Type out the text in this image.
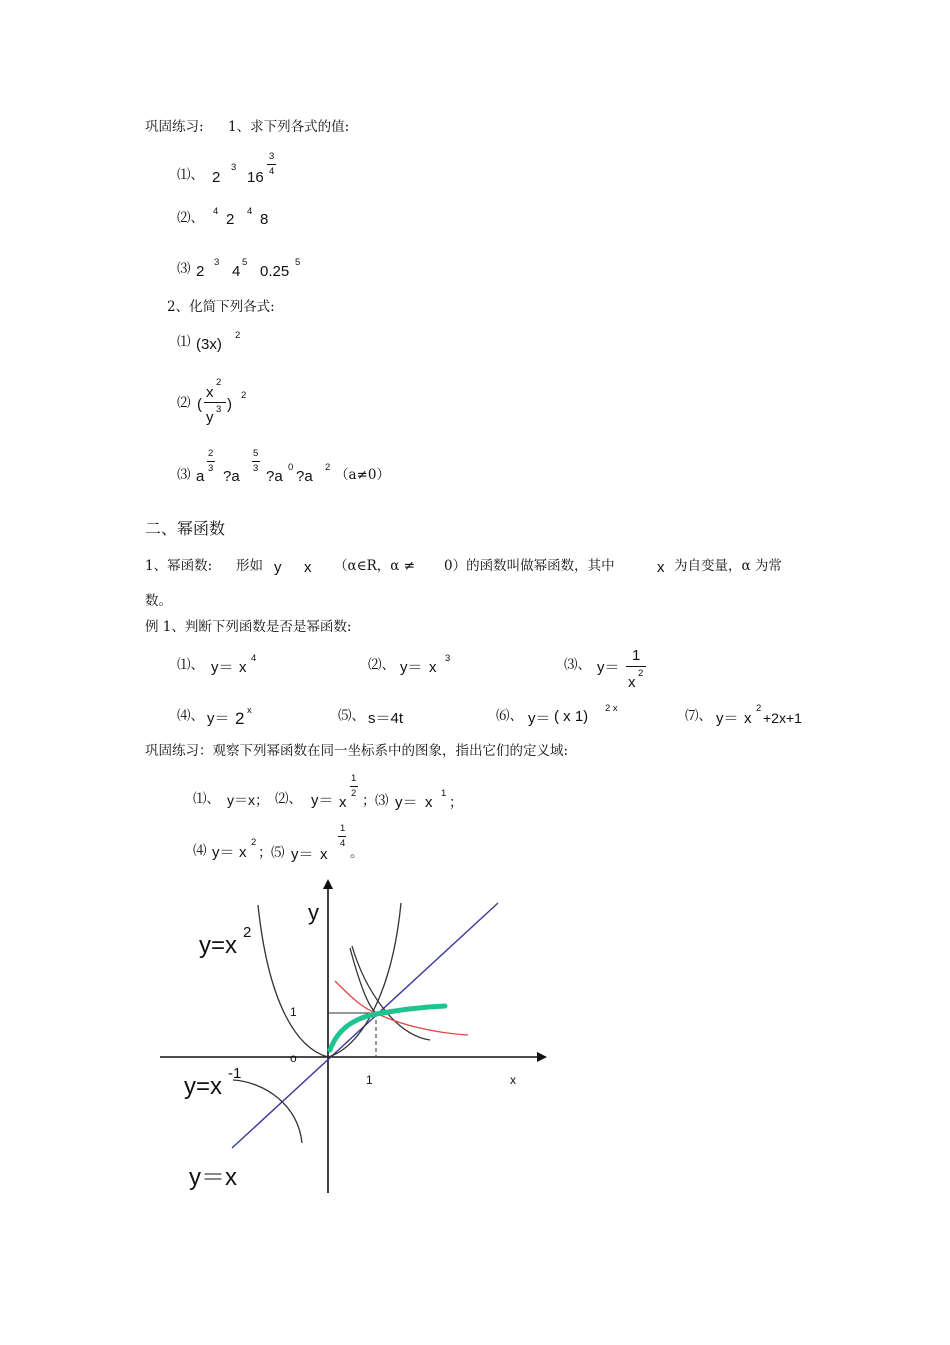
巩固练习: 1、求下列各式的值:
⑴、 2
3
16
3
4
⑵、 4 2 4 8
⑶ 2
3
4
5
0.25
5
2、化简下列各式:
⑴ (3x)
2
⑵ (
x
2
y 3 )
2
⑶ a
2
3 ?a
5
3 ?a
0
?a
2 （a≠0）
二、幂函数
1、幂函数: 形如 y x （α∈R，α ≠ 0）的函数叫做幂函数，其中	x 为自变量，α 为常
数。
例 1、判断下列函数是否是幂函数:
⑴、 y＝ x
4	⑵、 y＝ x
3	⑶、 y＝
1
x
2
⑷、 y＝ 2 x	⑸、 s＝4t	⑹、 y＝ ( x 1) 2 x	⑺、 y＝ x
2
+2x+1
巩固练习：观察下列幂函数在同一坐标系中的图象，指出它们的定义域:
⑴、 y＝x； ⑵、 y＝ x
1
2 ； ⑶ y＝ x
1
；
⑷ y＝ x
2
； ⑸ y＝ x
1
4
。
y
x
1
1
o
y=x 2
y=x -1
y＝x
